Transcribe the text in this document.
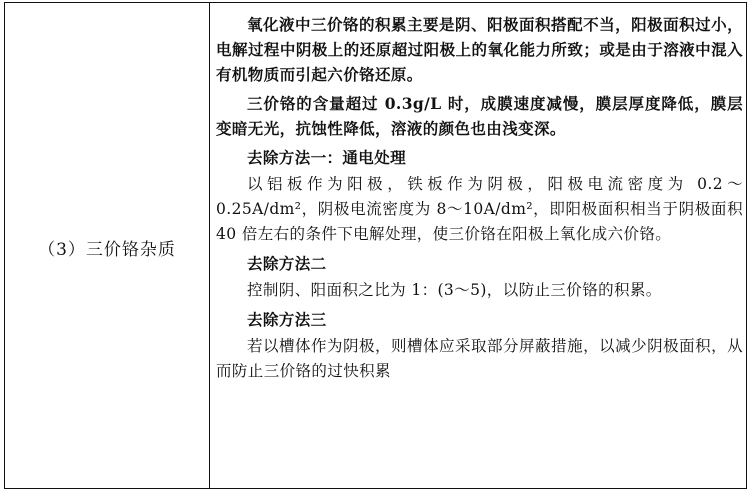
（3）三价铬杂质

氧化液中三价铬的积累主要是阴、阳极面积搭配不当，阳极面积过小，电解过程中阴极上的还原超过阳极上的氧化能力所致；或是由于溶液中混入有机物质而引起六价铬还原。

三价铬的含量超过 0.3g/L 时，成膜速度减慢，膜层厚度降低，膜层变暗无光，抗蚀性降低，溶液的颜色也由浅变深。

去除方法一：通电处理

以铝板作为阳极，铁板作为阴极，阳极电流密度为 0.2～0.25A/dm²，阴极电流密度为 8～10A/dm²，即阳极面积相当于阴极面积 40 倍左右的条件下电解处理，使三价铬在阳极上氧化成六价铬。

去除方法二

控制阴、阳面积之比为 1：(3～5)，以防止三价铬的积累。

去除方法三

若以槽体作为阴极，则槽体应采取部分屏蔽措施，以减少阴极面积，从而防止三价铬的过快积累
